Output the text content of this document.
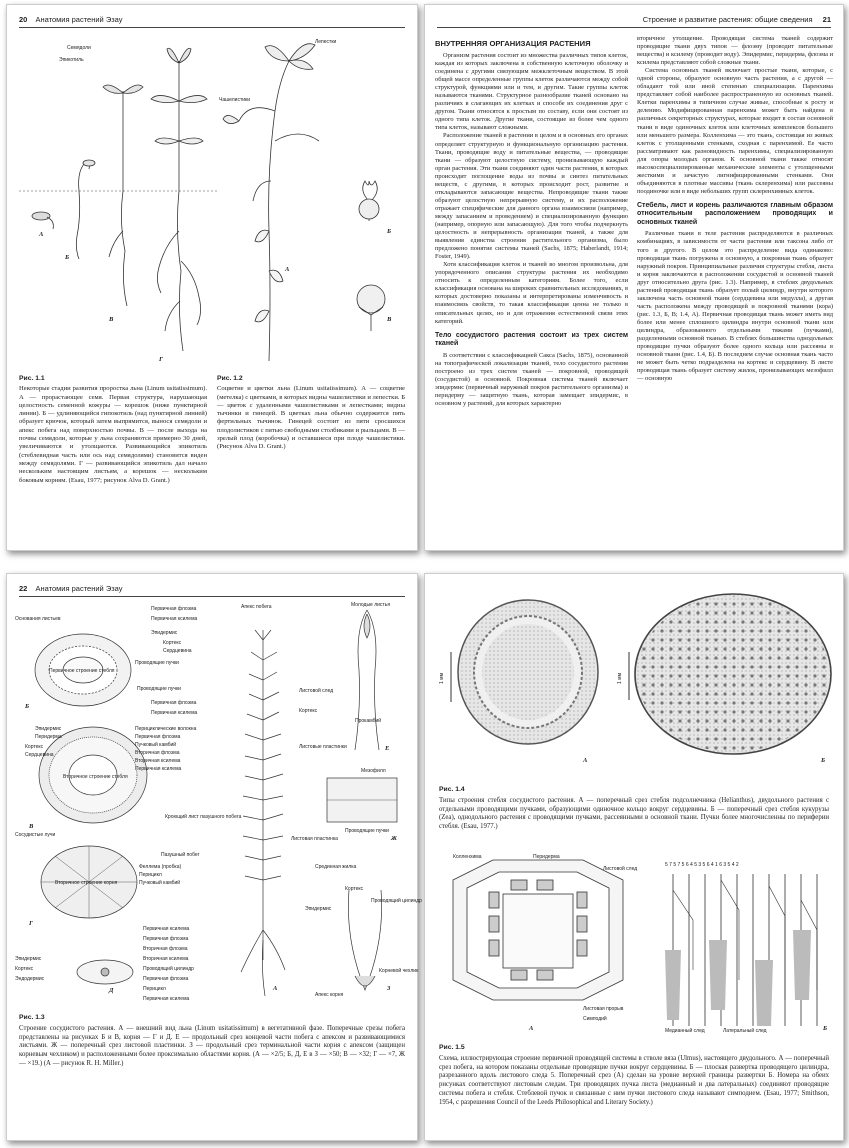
20 Анатомия растений Эзау
Семядоли
Эпикотиль
А
Б
В
Г
Лепестки
Чашелистики
А
Б
В
Рис. 1.1
Некоторые стадии развития проростка льна (Linum usitatissimum). А — прорастающее семя. Первая структура, нарушающая целостность семенной кожуры — корешок (ниже пунктирной линии). Б — удлиняющийся гипокотиль (над пунктирной линией) образует крючок, который затем выпрямится, вынося семядоли и апекс побега над поверхностью почвы. В — после выхода на почвы семядоли, которые у льна сохраняются примерно 30 дней, увеличиваются и утолщаются. Развивающийся эпикотиль (стеблевидная часть или ось над семядолями) становится виден между семядолями. Г — развивающийся эпикотиль дал начало нескольким настоящим листьям, а корешок — нескольким боковым корням. (Esau, 1977; рисунок Alva D. Grant.)
Рис. 1.2
Соцветие и цветки льна (Linum usitatissimum). А — соцветие (метелка) с цветками, в которых видны чашелистики и лепестки. Б — цветок с удаленными чашелистиками и лепестками; видны тычинки и гинецей. В цветках льна обычно содержится пять фертильных тычинок. Гинецей состоит из пяти сросшихся плодолистиков с пятью свободными столбиками и рыльцами. В — зрелый плод (коробочка) и оставшиеся при плоде чашелистики. (Рисунок Alva D. Grant.)
Строение и развитие растения: общие сведения 21
ВНУТРЕННЯЯ ОРГАНИЗАЦИЯ РАСТЕНИЯ

Организм растения состоит из множества различных типов клеток, каждая из которых заключена в собственную клеточную оболочку и соединена с другими связующим межклеточным веществом. В этой общей массе определенные группы клеток различаются между собой структурой, функциями или и тем, и другим. Такие группы клеток называются тканями. Структурное разнообразие тканей основано на различиях в слагающих их клетках и способе их соединения друг с другом. Ткани относятся к простым по составу, если они состоят из одного типа клеток. Другие ткани, состоящие из более чем одного типа клеток, называют сложными.

Расположение тканей в растении в целом и в основных его органах определяет структурную и функциональную организацию растения. Ткани, проводящие воду и питательные вещества, — проводящие ткани — образуют целостную систему, пронизывающую каждый орган растения. Эти ткани соединяют один части растения, в которых происходит поглощение воды из почвы и синтез питательных веществ, с другими, в которых происходит рост, развитие и откладываются запасающие вещества. Непроводящие ткани также образуют целостную непрерывную систему, и их расположение отражает специфические для данного органа взаимосвязи (например, между запасанием и проведением) и специализированную функцию (например, опорную или запасающую). Для того чтобы подчеркнуть целостность и непрерывность организации тканей, а также для выявления единства строения растительного организма, было предложено понятие системы тканей (Sachs, 1875; Haberlandt, 1914; Foster, 1949).

Хотя классификация клеток и тканей во многом произвольна, для упорядоченного описания структуры растения их необходимо относить к определенным категориям. Более того, если классификация основана на широких сравнительных исследованиях, в которых достоверно показаны и интерпретированы изменчивость и взаимосвязь свойств, то такая классификация ценна не только в описательных целях, но и для отражения естественной связи этих категорий.

Тело сосудистого растения состоит из трех систем тканей

В соответствии с классификацией Сакса (Sachs, 1875), основанной на топографической локализации тканей, тело сосудистого растения построено из трех систем тканей — покровной, проводящей (сосудистой) и основной. Покровная система тканей включает эпидермис (первичный наружный покров растительного организма) и перидерму — защитную ткань, которая замещает эпидермис, в основном у растений, для которых характерно

вторичное утолщение. Проводящая система тканей содержит проводящие ткани двух типов — флоэму (проводит питательные вещества) и ксилему (проводит воду). Эпидермис, перидерма, флоэма и ксилема представляют собой сложные ткани.

Система основных тканей включает простые ткани, которые, с одной стороны, образуют основную часть растения, а с другой — обладают той или иной степенью специализации. Паренхима представляет собой наиболее распространенную из основных тканей. Клетки паренхимы в типичном случае живые, способные к росту и делению. Модифицированная паренхима может быть найдена в различных секреторных структурах, которые входят в состав основной ткани в виде одиночных клеток или клеточных комплексов большего или меньшего размера. Колленхима — это ткань, состоящая из живых клеток с утолщенными стенками, сходная с паренхимой. Ее часто рассматривают как разновидность паренхимы, специализированную для опоры молодых органов. К основной ткани также относят высокоспециализированные механические элементы с утолщенными жесткими и зачастую лигнифицированными стенками. Они объединяются в плотные массивы (ткань склеренхима) или рассеяны поодиночке или в виде небольших групп склеренхимных клеток.

Стебель, лист и корень различаются главным образом относительным расположением проводящих и основных тканей

Различные ткани в теле растения распределяются в различных комбинациях, в зависимости от части растения или таксона либо от того и другого. В целом это распределение вида одинаково: проводящая ткань погружена в основную, а покровная ткань образует наружный покров. Принципиальные различия структуры стебля, листа и корня заключаются в расположении сосудистой и основной тканей друг относительно друга (рис. 1.3). Например, в стеблях двудольных растений проводящая ткань образует полый цилиндр, внутри которого заключена часть основной ткани (сердцевина или медулла), а другая часть расположена между проводящей и покровной тканями (кора) (рис. 1.3, Б, В; 1.4, А). Первичная проводящая ткань может иметь вид более или менее сплошного цилиндра внутри основной ткани или цилиндра, образованного отдельными тяжами (пучками), разделенными основной тканью. В стеблях большинства однодольных проводящие пучки образуют более одного кольца или рассеяны в основной ткани (рис. 1.4, Б). В последнем случае основная ткань часто не может быть четко подразделена на кортекс и сердцевину. В листе проводящая ткань образует систему жилок, пронизывающих мезофилл — основную

22 Анатомия растений Эзау
Б
В
Г
Д	А
Е
Ж
З
Основания листьев
Первичное строение стебля
Проводящие пучки
Вторичное строение стебля
Сосудистые лучи
Вторичное строение корня
Эпидермис
Кортекс
Эндодермис
Первичная флоэма
Первичная ксилема
Эпидермис
Кортекс
Сердцевина
Первичная флоэма
Первичная ксилема
Эпидермис
Перидерма
Кортекс
Сердцевина
Перициклические волокна
Первичная флоэма
Пучковый камбий
Вторичная флоэма
Вторичная ксилема
Первичная ксилема
Кроющий лист пазушного побега
Пазушный побег
Феллема (пробка)
Перицикл
Пучковый камбий
Первичная ксилема
Первичная флоэма
Вторичная флоэма
Вторичная ксилема
Проводящий цилиндр
Первичная флоэма
Перицикл
Первичная ксилема
Проводящие пучки
Апекс побега	Молодые листья
Листовой след
Кортекс
Прокамбий
Листовые пластинки
Мезофилл
Проводящие пучки
Листовая пластинка
Срединная жилка
Эпидермис
Кортекс
Проводящий цилиндр
Корневой чехлик
Апекс корня
Рис. 1.3
Строение сосудистого растения. А — внешний вид льна (Linum usitatissimum) в вегетативной фазе. Поперечные срезы побега представлены на рисунках Б и В, корня — Г и Д. Е — продольный срез концевой части побега с апексом и развивающимися листьями. Ж — поперечный срез листовой пластинки. З — продольный срез терминальной части корня с апексом (защищен корневым чехликом) и расположенными более проксимально областями корня. (А — ×2/5; Б, Д, Е в З — ×50; В — ×32; Г — ×7, Ж — ×19.) (А — рисунок R. H. Miller.)
1 мм	1 мм
А	Б
Рис. 1.4
Типы строения стебля сосудистого растения. А — поперечный срез стебля подсолнечника (Helianthus), двудольного растения с отдельными проводящими пучками, образующими одиночное кольцо вокруг сердцевины. Б — поперечный срез стебля кукурузы (Zea), однодольного растения с проводящими пучками, рассеянными в основной ткани. Пучки более многочисленны по периферии стебля. (Esau, 1977.)
Колленхима	Перидерма
Листовой след
Листовая прорыв
Симподий
Медианный след	Латеральный след
5 7 5 7 5 6 4 5 3 5 6 4 1 6 3 5 4 2
А	Б
Рис. 1.5
Схема, иллюстрирующая строение первичной проводящей системы в стволе вяза (Ulmus), настоящего двудольного. А — поперечный срез побега, на котором показаны отдельные проводящие пучки вокруг сердцевины. Б — плоская развертка проводящего цилиндра, разрезанного вдоль листового следа 5. Поперечный срез (А) сделан на уровне верхней границы развертки Б. Номера на обеих рисунках соответствуют листовым следам. Три проводящих пучка листа (медианный и два латеральных) соединяют проводящие системы побега и стебля. Стеблевой пучок и связанные с ним пучки листового следа называют симподием. (Esau, 1977; Smithson, 1954, с разрешения Council of the Leeds Philosophical and Literary Society.)
